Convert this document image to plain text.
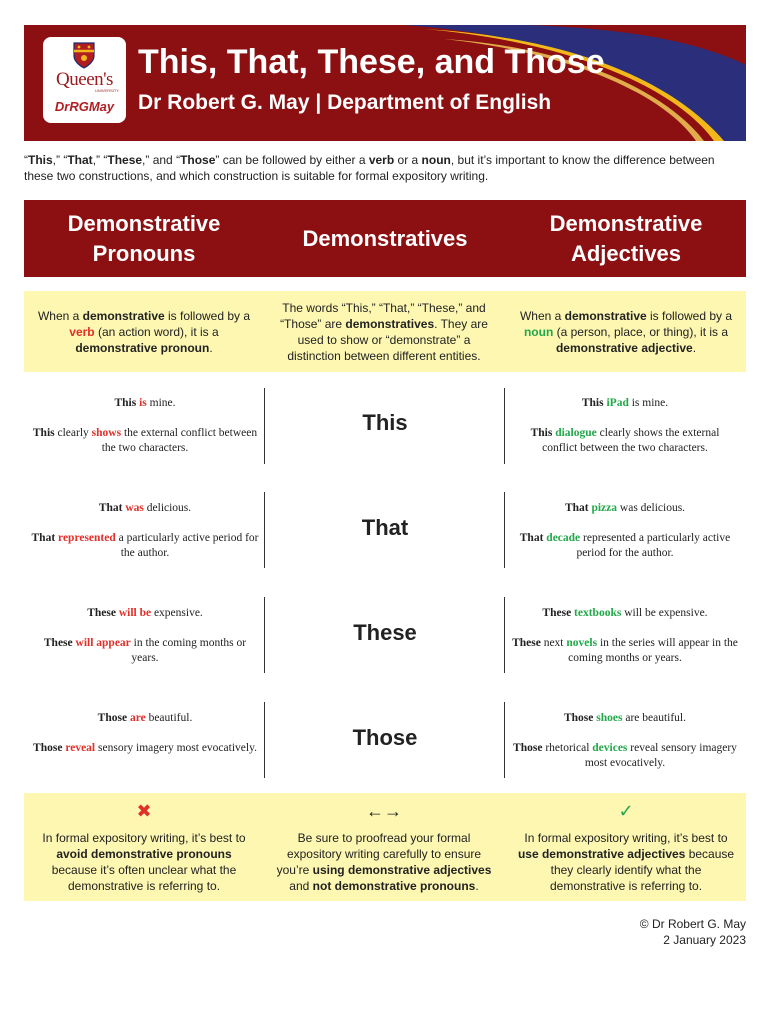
Queen's
UNIVERSITY
DrRGMay
This, That, These, and Those
Dr Robert G. May | Department of English
“This,” “That,” “These,” and “Those” can be followed by either a verb or a noun, but it’s important to know the difference between these two constructions, and which construction is suitable for formal expository writing.
Demonstrative Pronouns
Demonstratives
Demonstrative Adjectives
When a demonstrative is followed by a verb (an action word), it is a demonstrative pronoun.
The words “This,” “That,” “These,” and “Those” are demonstratives. They are used to show or “demonstrate” a distinction between different entities.
When a demonstrative is followed by a noun (a person, place, or thing), it is a demonstrative adjective.

This is mine.

This clearly shows the external conflict between the two characters.

This

This iPad is mine.

This dialogue clearly shows the external conflict between the two characters.

That was delicious.

That represented a particularly active period for the author.

That

That pizza was delicious.

That decade represented a particularly active period for the author.

These will be expensive.

These will appear in the coming months or years.

These

These textbooks will be expensive.

These next novels in the series will appear in the coming months or years.

Those are beautiful.

Those reveal sensory imagery most evocatively.	Those

Those shoes are beautiful.

Those rhetorical devices reveal sensory imagery most evocatively.

✖
In formal expository writing, it’s best to avoid demonstrative pronouns because it’s often unclear what the demonstrative is referring to.
←→
Be sure to proofread your formal expository writing carefully to ensure you’re using demonstrative adjectives and not demonstrative pronouns.
✓
In formal expository writing, it’s best to use demonstrative adjectives because they clearly identify what the demonstrative is referring to.
© Dr Robert G. May
2 January 2023
